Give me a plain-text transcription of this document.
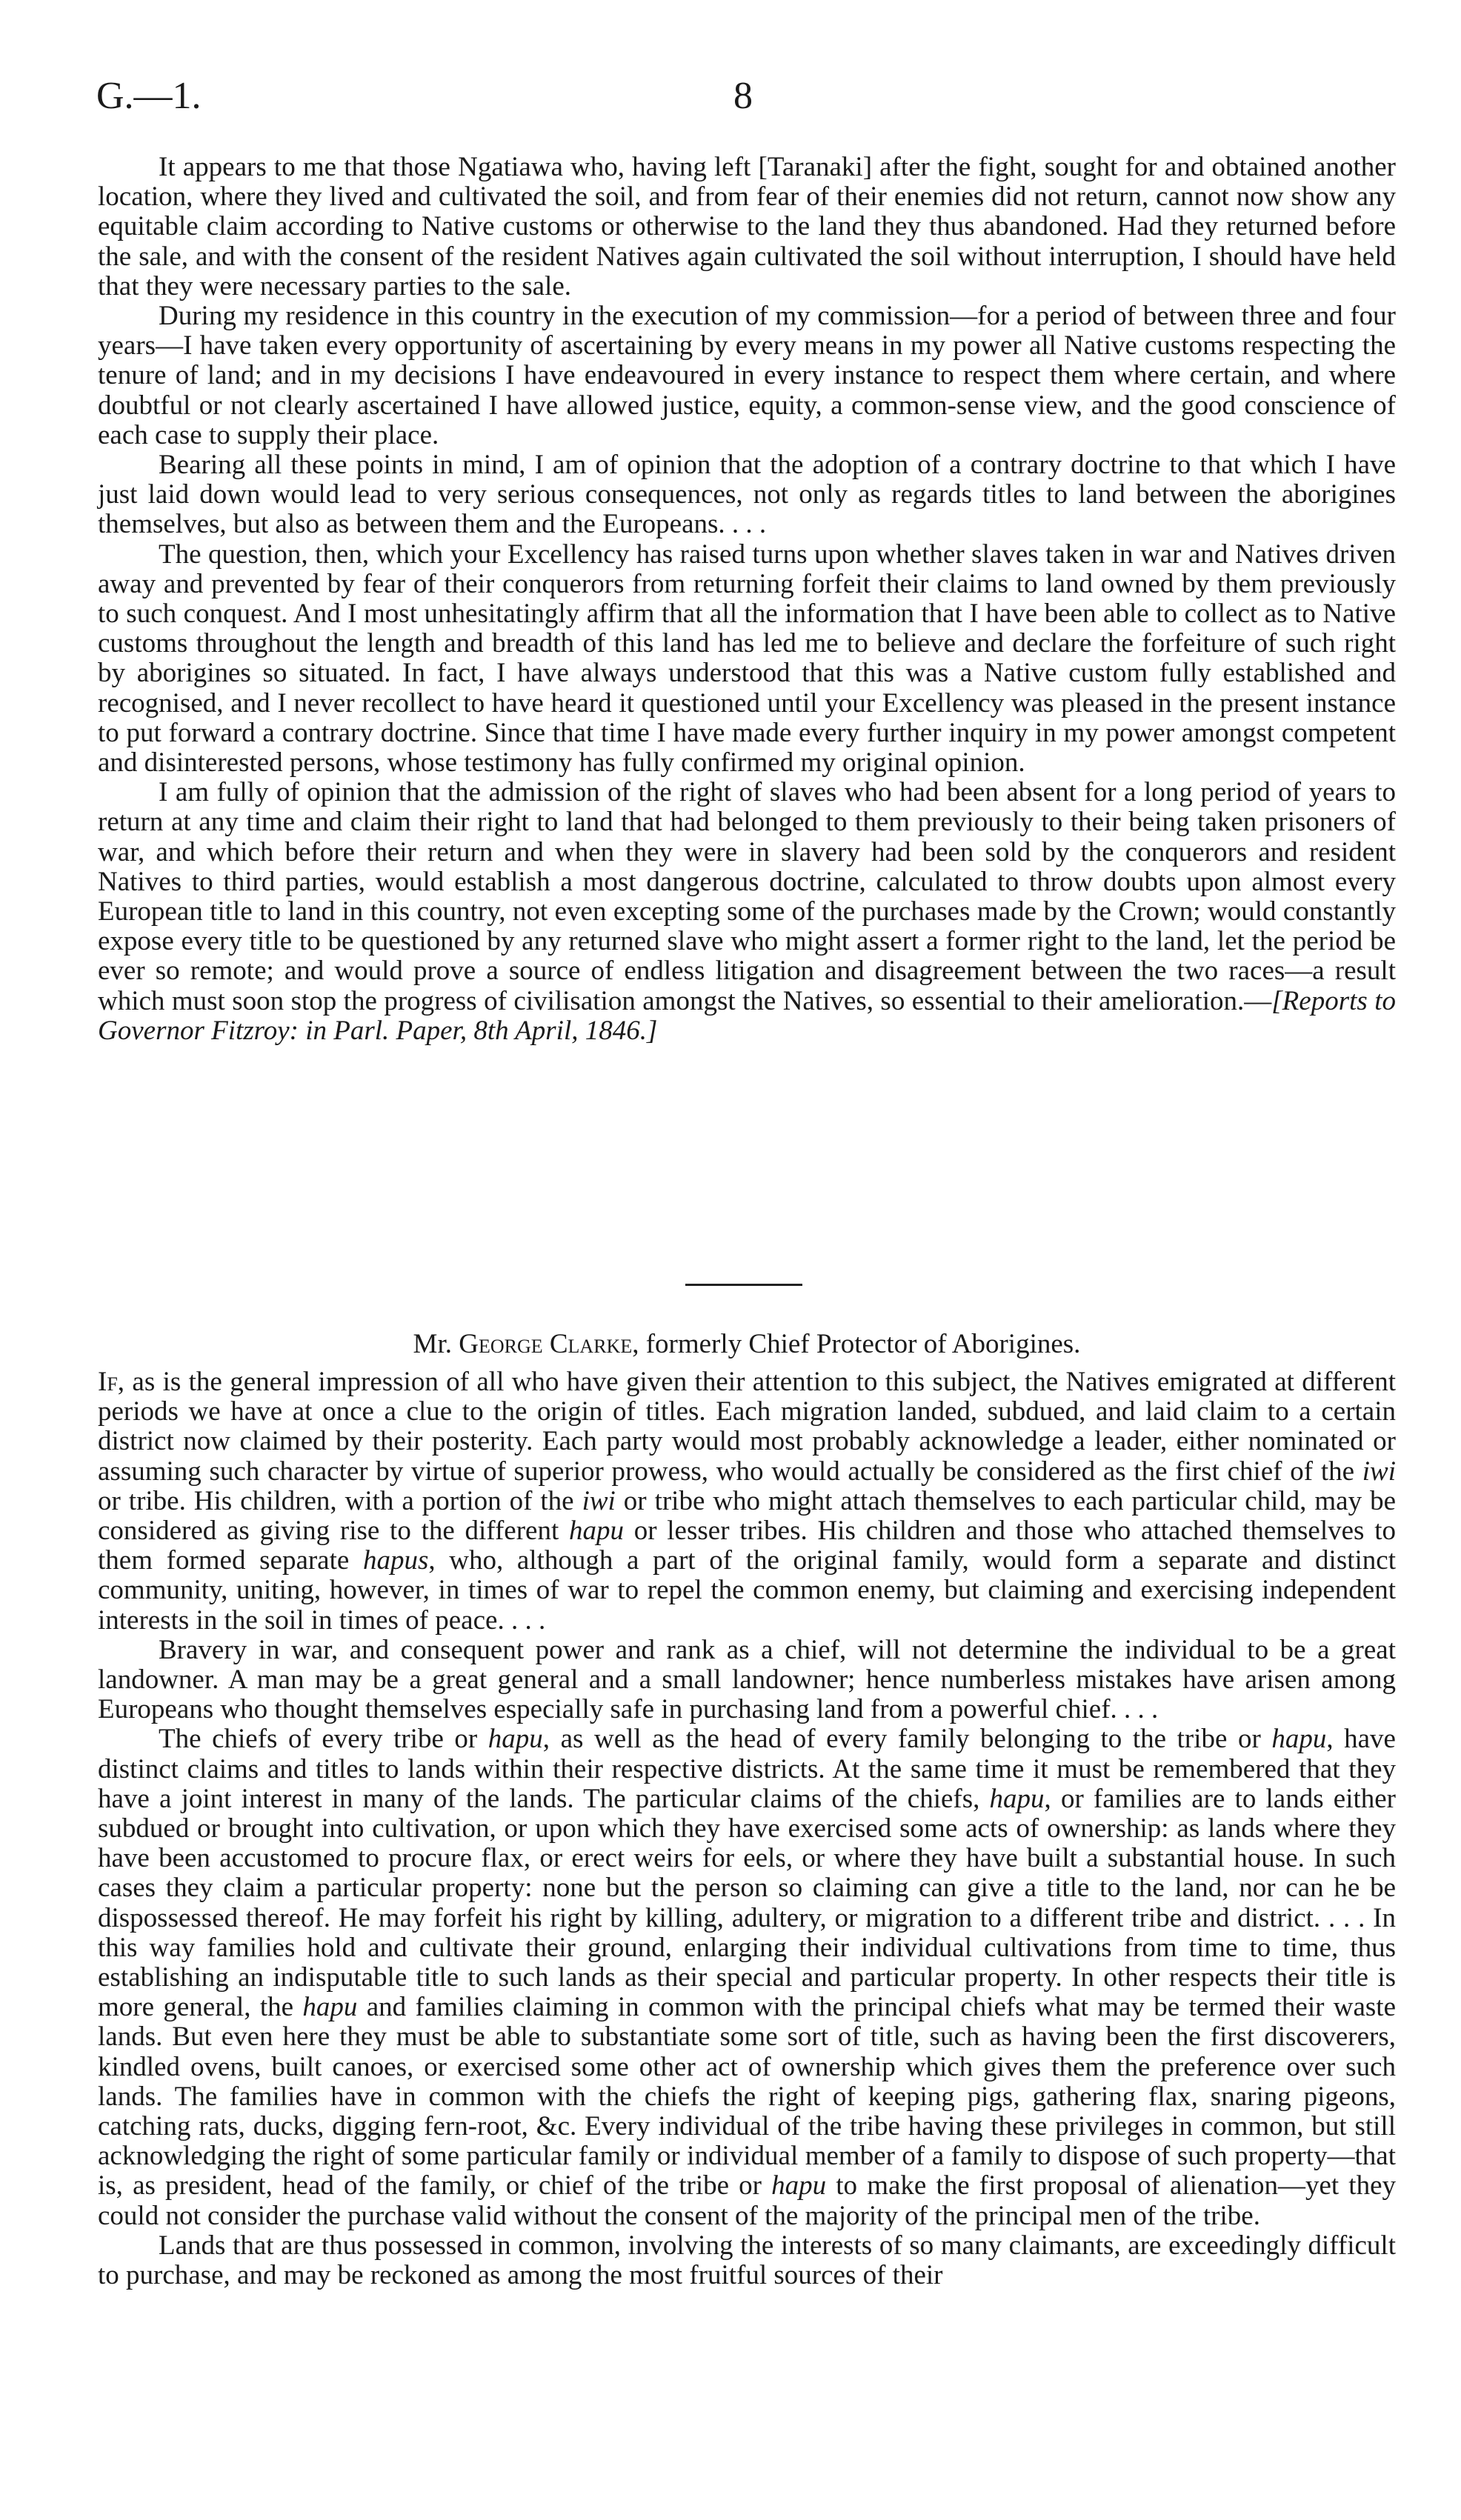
G.—1.	8

It appears to me that those Ngatiawa who, having left [Taranaki] after the fight, sought for and obtained another location, where they lived and cultivated the soil, and from fear of their enemies did not return, cannot now show any equitable claim according to Native customs or otherwise to the land they thus abandoned. Had they returned before the sale, and with the consent of the resident Natives again cultivated the soil without interruption, I should have held that they were necessary parties to the sale.

During my residence in this country in the execution of my commission—for a period of between three and four years—I have taken every opportunity of ascertaining by every means in my power all Native customs respecting the tenure of land; and in my decisions I have endeavoured in every instance to respect them where certain, and where doubtful or not clearly ascertained I have allowed justice, equity, a common-sense view, and the good conscience of each case to supply their place.

Bearing all these points in mind, I am of opinion that the adoption of a contrary doctrine to that which I have just laid down would lead to very serious consequences, not only as regards titles to land between the aborigines themselves, but also as between them and the Europeans. . . .

The question, then, which your Excellency has raised turns upon whether slaves taken in war and Natives driven away and prevented by fear of their conquerors from returning forfeit their claims to land owned by them previously to such conquest. And I most unhesitatingly affirm that all the information that I have been able to collect as to Native customs throughout the length and breadth of this land has led me to believe and declare the forfeiture of such right by aborigines so situated. In fact, I have always understood that this was a Native custom fully established and recognised, and I never recollect to have heard it questioned until your Excellency was pleased in the present instance to put forward a contrary doctrine. Since that time I have made every further inquiry in my power amongst competent and disinterested persons, whose testimony has fully confirmed my original opinion.

I am fully of opinion that the admission of the right of slaves who had been absent for a long period of years to return at any time and claim their right to land that had belonged to them previously to their being taken prisoners of war, and which before their return and when they were in slavery had been sold by the conquerors and resident Natives to third parties, would establish a most dangerous doctrine, calculated to throw doubts upon almost every European title to land in this country, not even excepting some of the purchases made by the Crown; would constantly expose every title to be questioned by any returned slave who might assert a former right to the land, let the period be ever so remote; and would prove a source of endless litigation and disagreement between the two races—a result which must soon stop the progress of civilisation amongst the Natives, so essential to their amelioration.—[Reports to Governor Fitzroy: in Parl. Paper, 8th April, 1846.]

Mr. George Clarke, formerly Chief Protector of Aborigines.

If, as is the general impression of all who have given their attention to this subject, the Natives emigrated at different periods we have at once a clue to the origin of titles. Each migration landed, subdued, and laid claim to a certain district now claimed by their posterity. Each party would most probably acknowledge a leader, either nominated or assuming such character by virtue of superior prowess, who would actually be considered as the first chief of the iwi or tribe. His children, with a portion of the iwi or tribe who might attach themselves to each particular child, may be considered as giving rise to the different hapu or lesser tribes. His children and those who attached themselves to them formed separate hapus, who, although a part of the original family, would form a separate and distinct community, uniting, however, in times of war to repel the common enemy, but claiming and exercising independent interests in the soil in times of peace. . . .

Bravery in war, and consequent power and rank as a chief, will not determine the individual to be a great landowner. A man may be a great general and a small landowner; hence numberless mistakes have arisen among Europeans who thought themselves especially safe in purchasing land from a powerful chief. . . .

The chiefs of every tribe or hapu, as well as the head of every family belonging to the tribe or hapu, have distinct claims and titles to lands within their respective districts. At the same time it must be remembered that they have a joint interest in many of the lands. The particular claims of the chiefs, hapu, or families are to lands either subdued or brought into cultivation, or upon which they have exercised some acts of ownership: as lands where they have been accustomed to procure flax, or erect weirs for eels, or where they have built a substantial house. In such cases they claim a particular property: none but the person so claiming can give a title to the land, nor can he be dispossessed thereof. He may forfeit his right by killing, adultery, or migration to a different tribe and district. . . . In this way families hold and cultivate their ground, enlarging their individual cultivations from time to time, thus establishing an indisputable title to such lands as their special and particular property. In other respects their title is more general, the hapu and families claiming in common with the principal chiefs what may be termed their waste lands. But even here they must be able to substantiate some sort of title, such as having been the first discoverers, kindled ovens, built canoes, or exercised some other act of ownership which gives them the preference over such lands. The families have in common with the chiefs the right of keeping pigs, gathering flax, snaring pigeons, catching rats, ducks, digging fern-root, &c. Every individual of the tribe having these privileges in common, but still acknowledging the right of some particular family or individual member of a family to dispose of such property—that is, as president, head of the family, or chief of the tribe or hapu to make the first proposal of alienation—yet they could not consider the purchase valid without the consent of the majority of the principal men of the tribe.

Lands that are thus possessed in common, involving the interests of so many claimants, are exceedingly difficult to purchase, and may be reckoned as among the most fruitful sources of their
